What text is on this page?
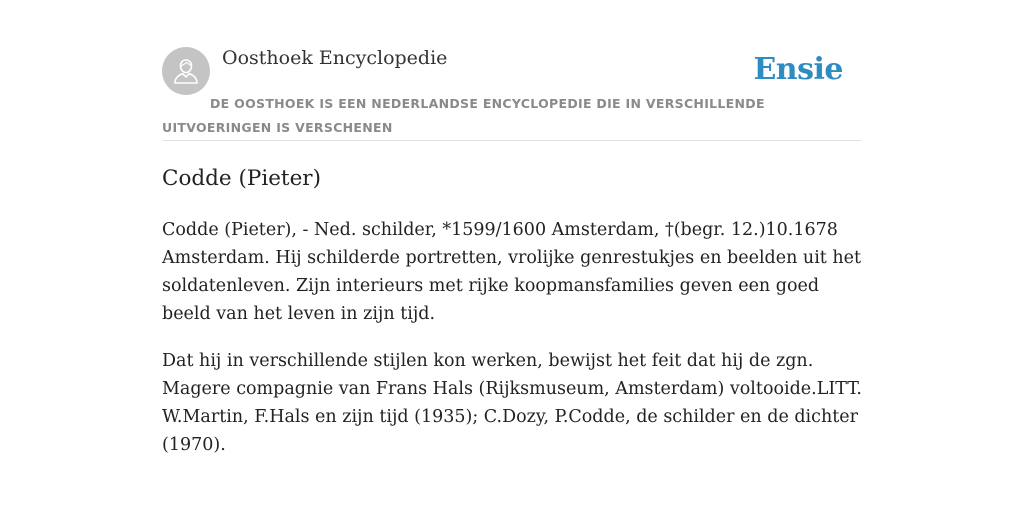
Oosthoek Encyclopedie	Ensie
DE OOSTHOEK IS EEN NEDERLANDSE ENCYCLOPEDIE DIE IN VERSCHILLENDE UITVOERINGEN IS VERSCHENEN
Codde (Pieter)

Codde (Pieter), - Ned. schilder, *1599/1600 Amsterdam, †(begr. 12.)10.1678 Amsterdam. Hij schilderde portretten, vrolijke genrestukjes en beelden uit het soldatenleven. Zijn interieurs met rijke koopmansfamilies geven een goed beeld van het leven in zijn tijd.

Dat hij in verschillende stijlen kon werken, bewijst het feit dat hij de zgn. Magere compagnie van Frans Hals (Rijksmuseum, Amsterdam) voltooide.LITT. W.Martin, F.Hals en zijn tijd (1935); C.Dozy, P.Codde, de schilder en de dichter (1970).
